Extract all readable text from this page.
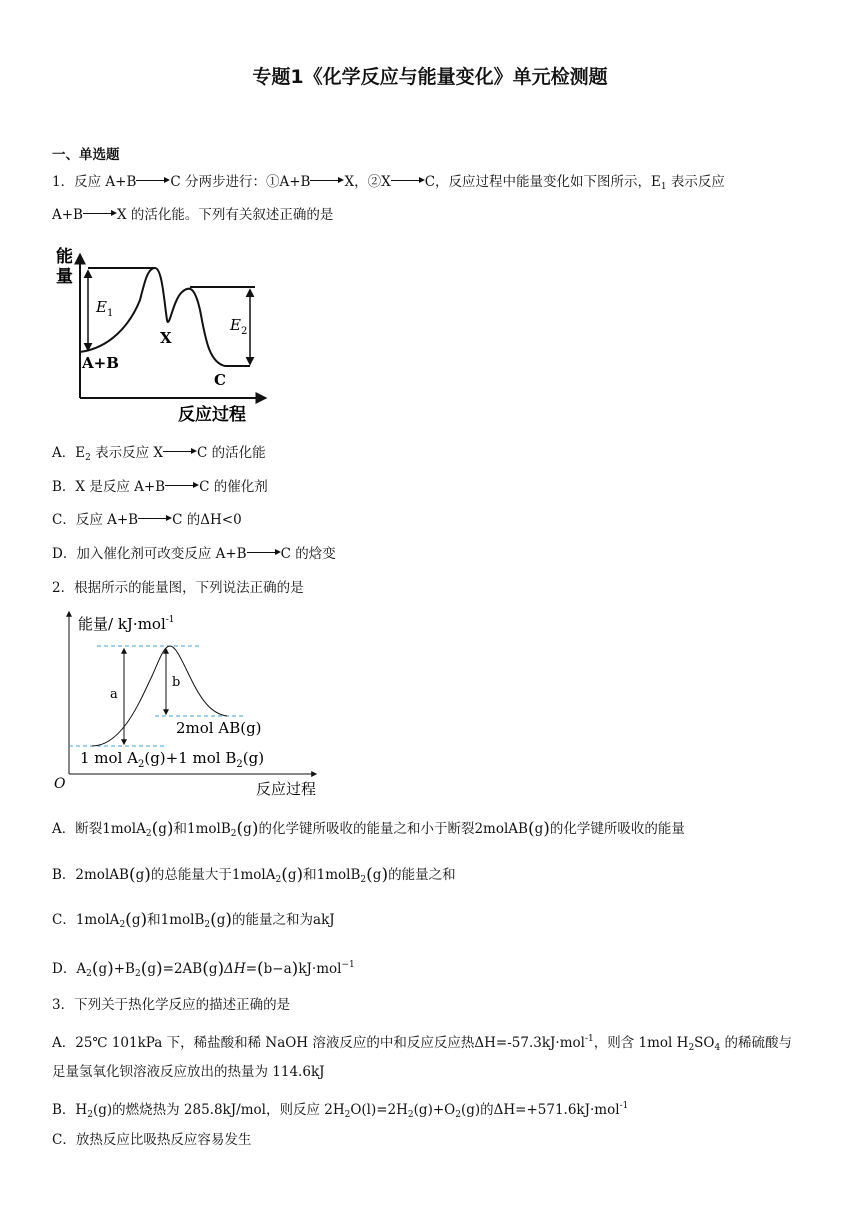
专题1《化学反应与能量变化》单元检测题
一、单选题
1．反应 A+B	C 分两步进行：①A+B	X，②X	C，反应过程中能量变化如下图所示，$E_1$ 表示反应
A+B	X 的活化能。下列有关叙述正确的是
能
量
反应过程
$E_1$
$E_2$
X
A+B
C
A．$E_2$ 表示反应 X	C 的活化能
B．X 是反应 A+B	C 的催化剂
C．反应 A+B	C 的ΔH<0
D．加入催化剂可改变反应 A+B	C 的焓变
2．根据所示的能量图，下列说法正确的是
能量/ kJ·mol$^{-1}$
a
b
2mol AB(g)
1 mol $A_2(g)+1$ mol $B_2(g)$
O	反应过程
A．断裂1molA$_2$(g)和1molB$_2$(g)的化学键所吸收的能量之和小于断裂2molAB(g)的化学键所吸收的能量
B．2molAB(g)的总能量大于1molA$_2$(g)和1molB$_2$(g)的能量之和
C．1molA$_2$(g)和1molB$_2$(g)的能量之和为akJ
D．$A_2(g)+B_2(g)=2AB(g)\Delta H=(b-a)kJ\cdot mol^{-1}$
3．下列关于热化学反应的描述正确的是
A．25℃ 101kPa 下，稀盐酸和稀 NaOH 溶液反应的中和反应反应热ΔH=-57.3kJ·mol$^{-1}$，则含 1mol $H_2SO_4$ 的稀硫酸与
足量氢氧化钡溶液反应放出的热量为 114.6kJ
B．$H_2(g)$的燃烧热为 285.8kJ/mol，则反应 $2H_2O(l)=2H_2(g)+O_2(g)$的ΔH=+571.6kJ·mol$^{-1}$
C．放热反应比吸热反应容易发生
